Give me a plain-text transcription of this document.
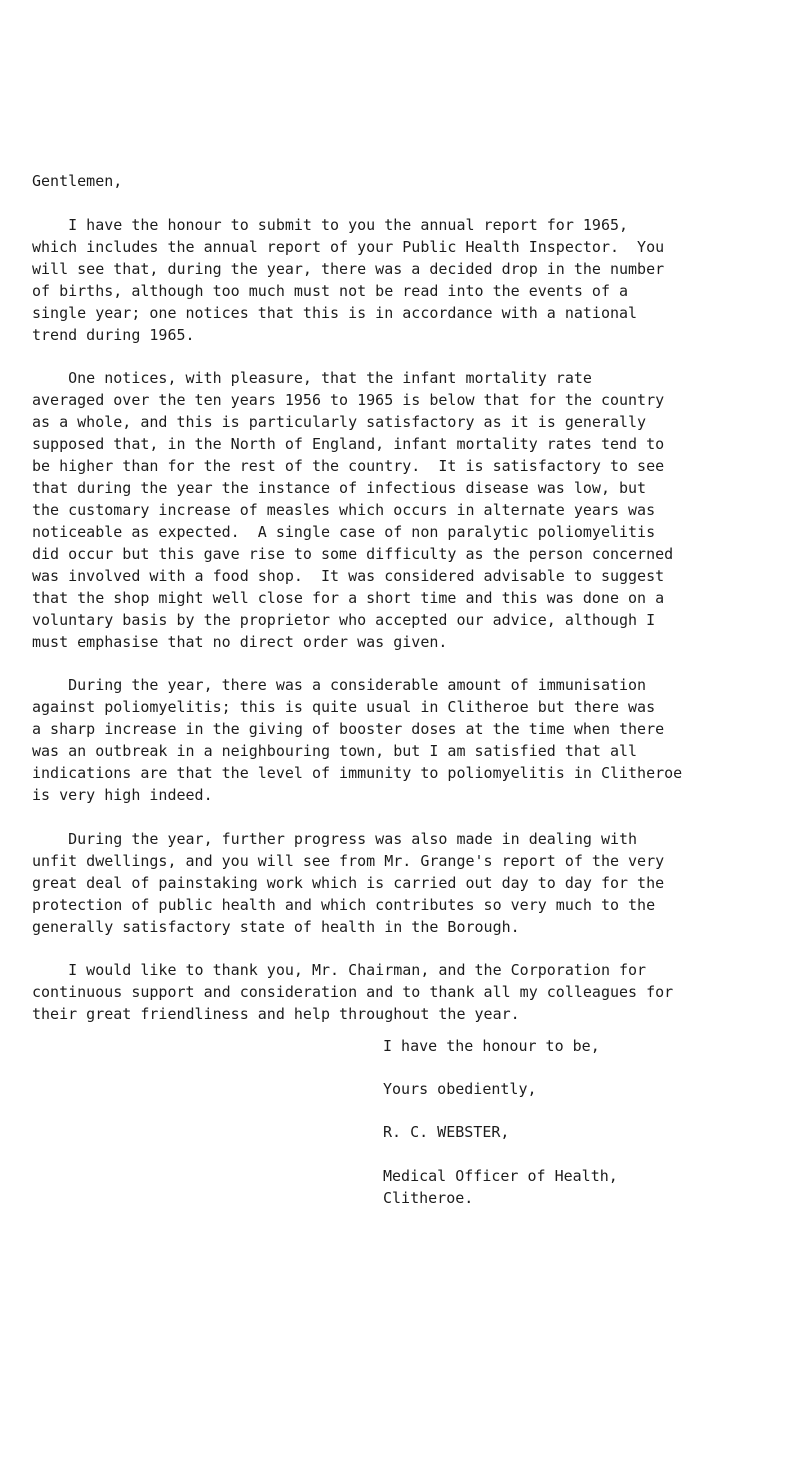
Gentlemen,

I have the honour to submit to you the annual report for 1965,
which includes the annual report of your Public Health Inspector.  You
will see that, during the year, there was a decided drop in the number
of births, although too much must not be read into the events of a
single year; one notices that this is in accordance with a national
trend during 1965.

One notices, with pleasure, that the infant mortality rate
averaged over the ten years 1956 to 1965 is below that for the country
as a whole, and this is particularly satisfactory as it is generally
supposed that, in the North of England, infant mortality rates tend to
be higher than for the rest of the country.  It is satisfactory to see
that during the year the instance of infectious disease was low, but
the customary increase of measles which occurs in alternate years was
noticeable as expected.  A single case of non paralytic poliomyelitis
did occur but this gave rise to some difficulty as the person concerned
was involved with a food shop.  It was considered advisable to suggest
that the shop might well close for a short time and this was done on a
voluntary basis by the proprietor who accepted our advice, although I
must emphasise that no direct order was given.

During the year, there was a considerable amount of immunisation
against poliomyelitis; this is quite usual in Clitheroe but there was
a sharp increase in the giving of booster doses at the time when there
was an outbreak in a neighbouring town, but I am satisfied that all
indications are that the level of immunity to poliomyelitis in Clitheroe
is very high indeed.

During the year, further progress was also made in dealing with
unfit dwellings, and you will see from Mr. Grange's report of the very
great deal of painstaking work which is carried out day to day for the
protection of public health and which contributes so very much to the
generally satisfactory state of health in the Borough.

I would like to thank you, Mr. Chairman, and the Corporation for
continuous support and consideration and to thank all my colleagues for
their great friendliness and help throughout the year.

I have the honour to be,
Yours obediently,
R. C. WEBSTER,
Medical Officer of Health,
Clitheroe.
